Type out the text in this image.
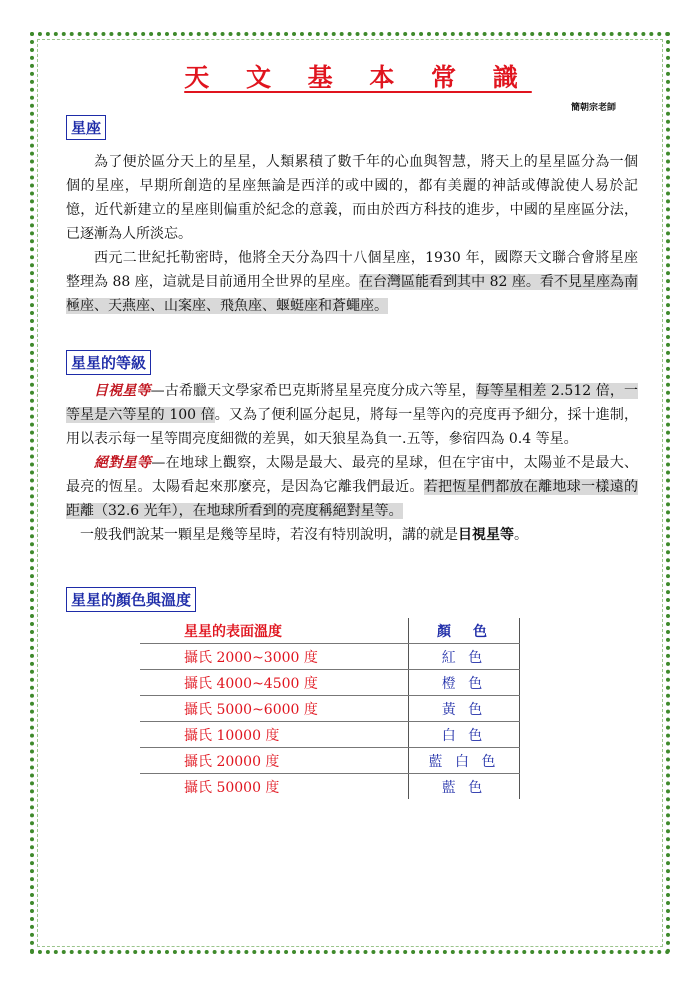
天 文 基 本 常 識
簡朝宗老師
星座

為了便於區分天上的星星，人類累積了數千年的心血與智慧，將天上的星星區分為一個個的星座，早期所創造的星座無論是西洋的或中國的，都有美麗的神話或傳說使人易於記憶，近代新建立的星座則偏重於紀念的意義，而由於西方科技的進步，中國的星座區分法，已逐漸為人所淡忘。

西元二世紀托勒密時，他將全天分為四十八個星座，1930 年，國際天文聯合會將星座整理為 88 座，這就是目前通用全世界的星座。在台灣區能看到其中 82 座。看不見星座為南極座、天燕座、山案座、飛魚座、蝘蜓座和蒼蠅座。

星星的等級

目視星等—古希臘天文學家希巴克斯將星星亮度分成六等星，每等星相差 2.512 倍，一等星是六等星的 100 倍。又為了便利區分起見，將每一星等內的亮度再予細分，採十進制，用以表示每一星等間亮度細微的差異，如天狼星為負一.五等，參宿四為 0.4 等星。

絕對星等—在地球上觀察，太陽是最大、最亮的星球，但在宇宙中，太陽並不是最大、最亮的恆星。太陽看起來那麼亮，是因為它離我們最近。若把恆星們都放在離地球一樣遠的距離（32.6 光年），在地球所看到的亮度稱絕對星等。

一般我們說某一顆星是幾等星時，若沒有特別說明，講的就是目視星等。

星星的顏色與溫度
星星的表面溫度	顏　色
攝氏 2000~3000 度	紅 色
攝氏 4000~4500 度	橙 色
攝氏 5000~6000 度	黃 色
攝氏 10000 度	白 色
攝氏 20000 度	藍 白 色
攝氏 50000 度	藍 色
